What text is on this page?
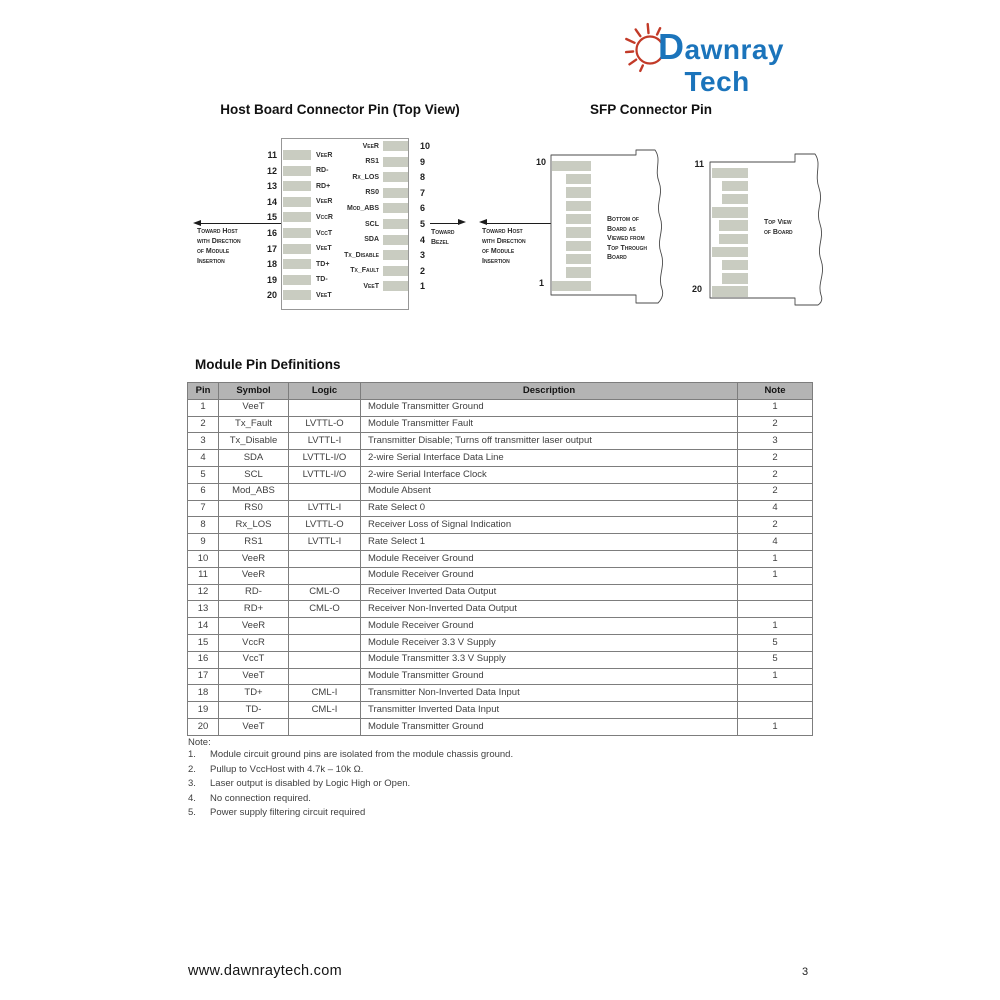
D awnray Tech
Host Board Connector Pin (Top View)	SFP Connector Pin
11	VeeR
12	RD-
13	RD+
14	VeeR
15	VccR
16	VccT
17	VeeT
18	TD+
19	TD-
20	VeeT
VeeR	10
RS1	9
Rx_LOS	8
RS0	7
Mod_ABS	6
SCL	5
SDA	4
Tx_Disable	3
Tx_Fault	2
VeeT	1
Toward Host
with Direction
of Module
Insertion
Toward
Bezel
Toward Host
with Direction
of Module
Insertion
10
1
Bottom of
Board as
Viewed from
Top Through
Board
11
20
Top View
of Board
Module Pin Definitions
Pin	Symbol	Logic	Description	Note
1	VeeT		Module Transmitter Ground	1
2	Tx_Fault	LVTTL-O	Module Transmitter Fault	2
3	Tx_Disable	LVTTL-I	Transmitter Disable; Turns off transmitter laser output	3
4	SDA	LVTTL-I/O	2-wire Serial Interface Data Line	2
5	SCL	LVTTL-I/O	2-wire Serial Interface Clock	2
6	Mod_ABS		Module Absent	2
7	RS0	LVTTL-I	Rate Select 0	4
8	Rx_LOS	LVTTL-O	Receiver Loss of Signal Indication	2
9	RS1	LVTTL-I	Rate Select 1	4
10	VeeR		Module Receiver Ground	1
11	VeeR		Module Receiver Ground	1
12	RD-	CML-O	Receiver Inverted Data Output	
13	RD+	CML-O	Receiver Non-Inverted Data Output	
14	VeeR		Module Receiver Ground	1
15	VccR		Module Receiver 3.3 V Supply	5
16	VccT		Module Transmitter 3.3 V Supply	5
17	VeeT		Module Transmitter Ground	1
18	TD+	CML-I	Transmitter Non-Inverted Data Input	
19	TD-	CML-I	Transmitter Inverted Data Input	
20	VeeT		Module Transmitter Ground	1
Note:
1.	Module circuit ground pins are isolated from the module chassis ground.
2.	Pullup to VccHost with 4.7k – 10k Ω.
3.	Laser output is disabled by Logic High or Open.
4.	No connection required.
5.	Power supply filtering circuit required
www.dawnraytech.com	3
